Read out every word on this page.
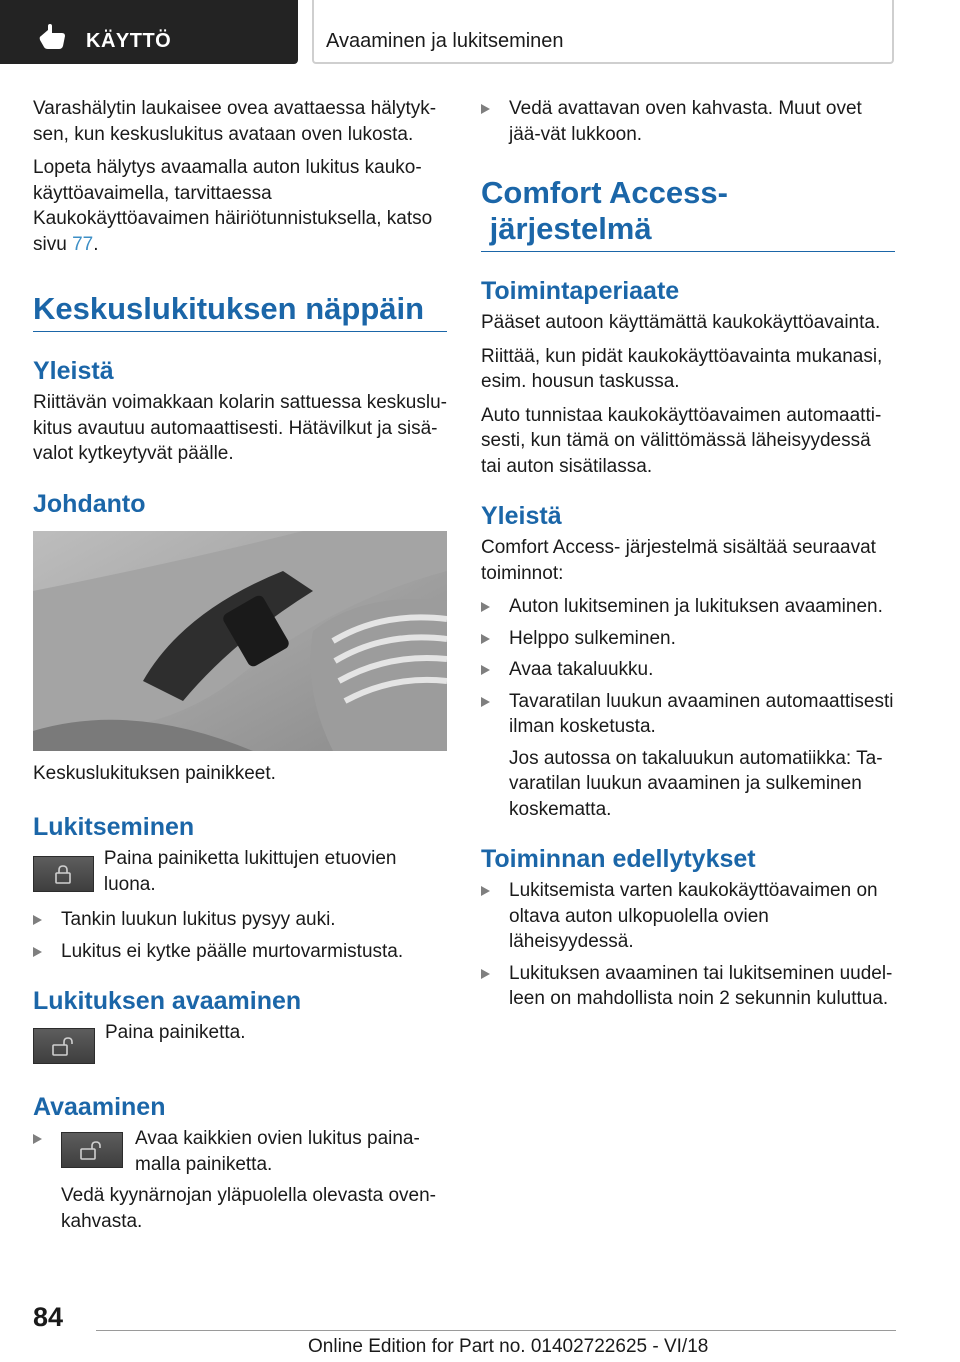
KÄYTTÖ	Avaaminen ja lukitseminen

Varashälytin laukaisee ovea avattaessa hälytyk-sen, kun keskuslukitus avataan oven lukosta.

Lopeta hälytys avaamalla auton lukitus kauko-käyttöavaimella, tarvittaessa Kaukokäyttöavaimen häiriötunnistuksella, katso sivu 77.

Keskuslukituksen näppäin
Yleistä

Riittävän voimakkaan kolarin sattuessa keskuslu-kitus avautuu automaattisesti. Hätävilkut ja sisä-valot kytkeytyvät päälle.

Johdanto

Keskuslukituksen painikkeet.

Lukitseminen
Paina painiketta lukittujen etuovien luona.
Tankin luukun lukitus pysyy auki.
Lukitus ei kytke päälle murtovarmistusta.
Lukituksen avaaminen
Paina painiketta.
Avaaminen
Avaa kaikkien ovien lukitus paina-malla painiketta.

Vedä kyynärnojan yläpuolella olevasta oven-kahvasta.

Vedä avattavan oven kahvasta. Muut ovet jää-vät lukkoon.
Comfort Access- järjestelmä
Toimintaperiaate

Pääset autoon käyttämättä kaukokäyttöavainta.

Riittää, kun pidät kaukokäyttöavainta mukanasi, esim. housun taskussa.

Auto tunnistaa kaukokäyttöavaimen automaatti-sesti, kun tämä on välittömässä läheisyydessä tai auton sisätilassa.

Yleistä

Comfort Access- järjestelmä sisältää seuraavat toiminnot:

Auton lukitseminen ja lukituksen avaaminen.
Helppo sulkeminen.
Avaa takaluukku.
Tavaratilan luukun avaaminen automaattisesti ilman kosketusta.

Jos autossa on takaluukun automatiikka: Ta-varatilan luukun avaaminen ja sulkeminen koskematta.

Toiminnan edellytykset
Lukitsemista varten kaukokäyttöavaimen on oltava auton ulkopuolella ovien läheisyydessä.
Lukituksen avaaminen tai lukitseminen uudel-leen on mahdollista noin 2 sekunnin kuluttua.
84
Online Edition for Part no. 01402722625 - VI/18
